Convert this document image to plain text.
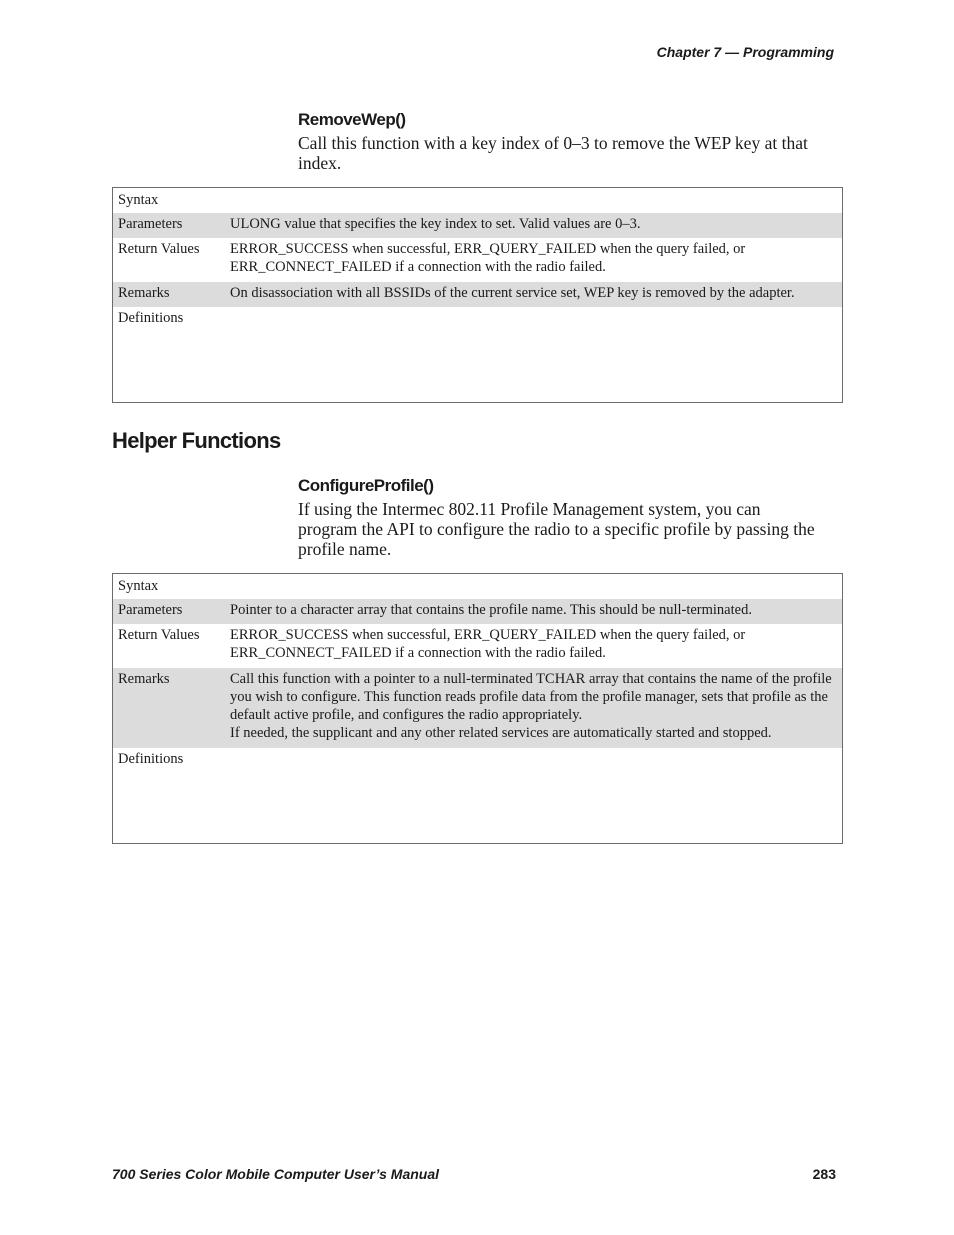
Chapter 7 — Programming
RemoveWep()
Call this function with a key index of 0–3 to remove the WEP key at that index.
Syntax	
Parameters	ULONG value that specifies the key index to set. Valid values are 0–3.
Return Values	ERROR_SUCCESS when successful, ERR_QUERY_FAILED when the query failed, or
ERR_CONNECT_FAILED if a connection with the radio failed.

Remarks	On disassociation with all BSSIDs of the current service set, WEP key is removed by the adapter.
Definitions	
Helper Functions
ConfigureProfile()
If using the Intermec 802.11 Profile Management system, you can program the API to configure the radio to a specific profile by passing the profile name.
Syntax	
Parameters	Pointer to a character array that contains the profile name. This should be null-terminated.
Return Values	ERROR_SUCCESS when successful, ERR_QUERY_FAILED when the query failed, or
ERR_CONNECT_FAILED if a connection with the radio failed.

Remarks	Call this function with a pointer to a null-terminated TCHAR array that contains the name of the profile you wish to configure. This function reads profile data from the profile manager, sets that profile as the default active profile, and configures the radio appropriately.
If needed, the supplicant and any other related services are automatically started and stopped.

Definitions	
700 Series Color Mobile Computer User’s Manual	283
